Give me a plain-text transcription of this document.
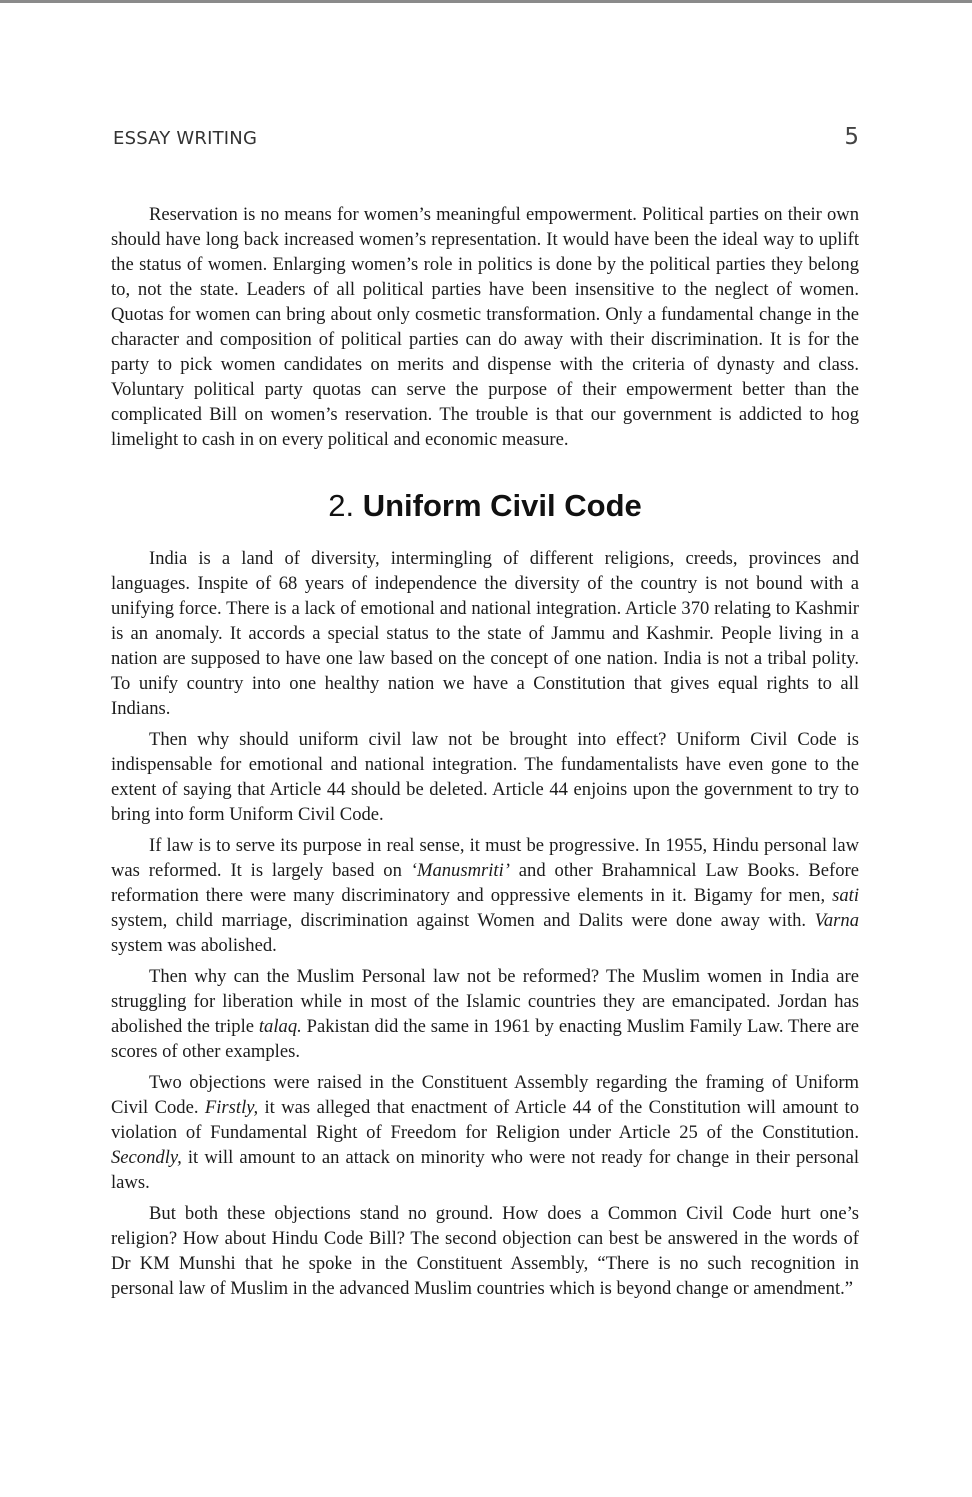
ESSAY WRITING	5

Reservation is no means for women’s meaningful empowerment. Political parties on their own should have long back increased women’s representation. It would have been the ideal way to uplift the status of women. Enlarging women’s role in politics is done by the political parties they belong to, not the state. Leaders of all political parties have been insensitive to the neglect of women. Quotas for women can bring about only cosmetic transformation. Only a fundamental change in the character and composition of political parties can do away with their discrimination. It is for the party to pick women candidates on merits and dispense with the criteria of dynasty and class. Voluntary political party quotas can serve the purpose of their empowerment better than the complicated Bill on women’s reservation. The trouble is that our government is addicted to hog limelight to cash in on every political and economic measure.

2. Uniform Civil Code

India is a land of diversity, intermingling of different religions, creeds, provinces and languages. Inspite of 68 years of independence the diversity of the country is not bound with a unifying force. There is a lack of emotional and national integration. Article 370 relating to Kashmir is an anomaly. It accords a special status to the state of Jammu and Kashmir. People living in a nation are supposed to have one law based on the concept of one nation. India is not a tribal polity. To unify country into one healthy nation we have a Constitution that gives equal rights to all Indians.

Then why should uniform civil law not be brought into effect? Uniform Civil Code is indispensable for emotional and national integration. The fundamentalists have even gone to the extent of saying that Article 44 should be deleted. Article 44 enjoins upon the government to try to bring into form Uniform Civil Code.

If law is to serve its purpose in real sense, it must be progressive. In 1955, Hindu personal law was reformed. It is largely based on ‘Manusmriti’ and other Brahamnical Law Books. Before reformation there were many discriminatory and oppressive elements in it. Bigamy for men, sati system, child marriage, discrimination against Women and Dalits were done away with. Varna system was abolished.

Then why can the Muslim Personal law not be reformed? The Muslim women in India are struggling for liberation while in most of the Islamic countries they are emancipated. Jordan has abolished the triple talaq. Pakistan did the same in 1961 by enacting Muslim Family Law. There are scores of other examples.

Two objections were raised in the Constituent Assembly regarding the framing of Uniform Civil Code. Firstly, it was alleged that enactment of Article 44 of the Constitution will amount to violation of Fundamental Right of Freedom for Religion under Article 25 of the Constitution. Secondly, it will amount to an attack on minority who were not ready for change in their personal laws.

But both these objections stand no ground. How does a Common Civil Code hurt one’s religion? How about Hindu Code Bill? The second objection can best be answered in the words of Dr KM Munshi that he spoke in the Constituent Assembly, “There is no such recognition in personal law of Muslim in the advanced Muslim countries which is beyond change or amendment.”
